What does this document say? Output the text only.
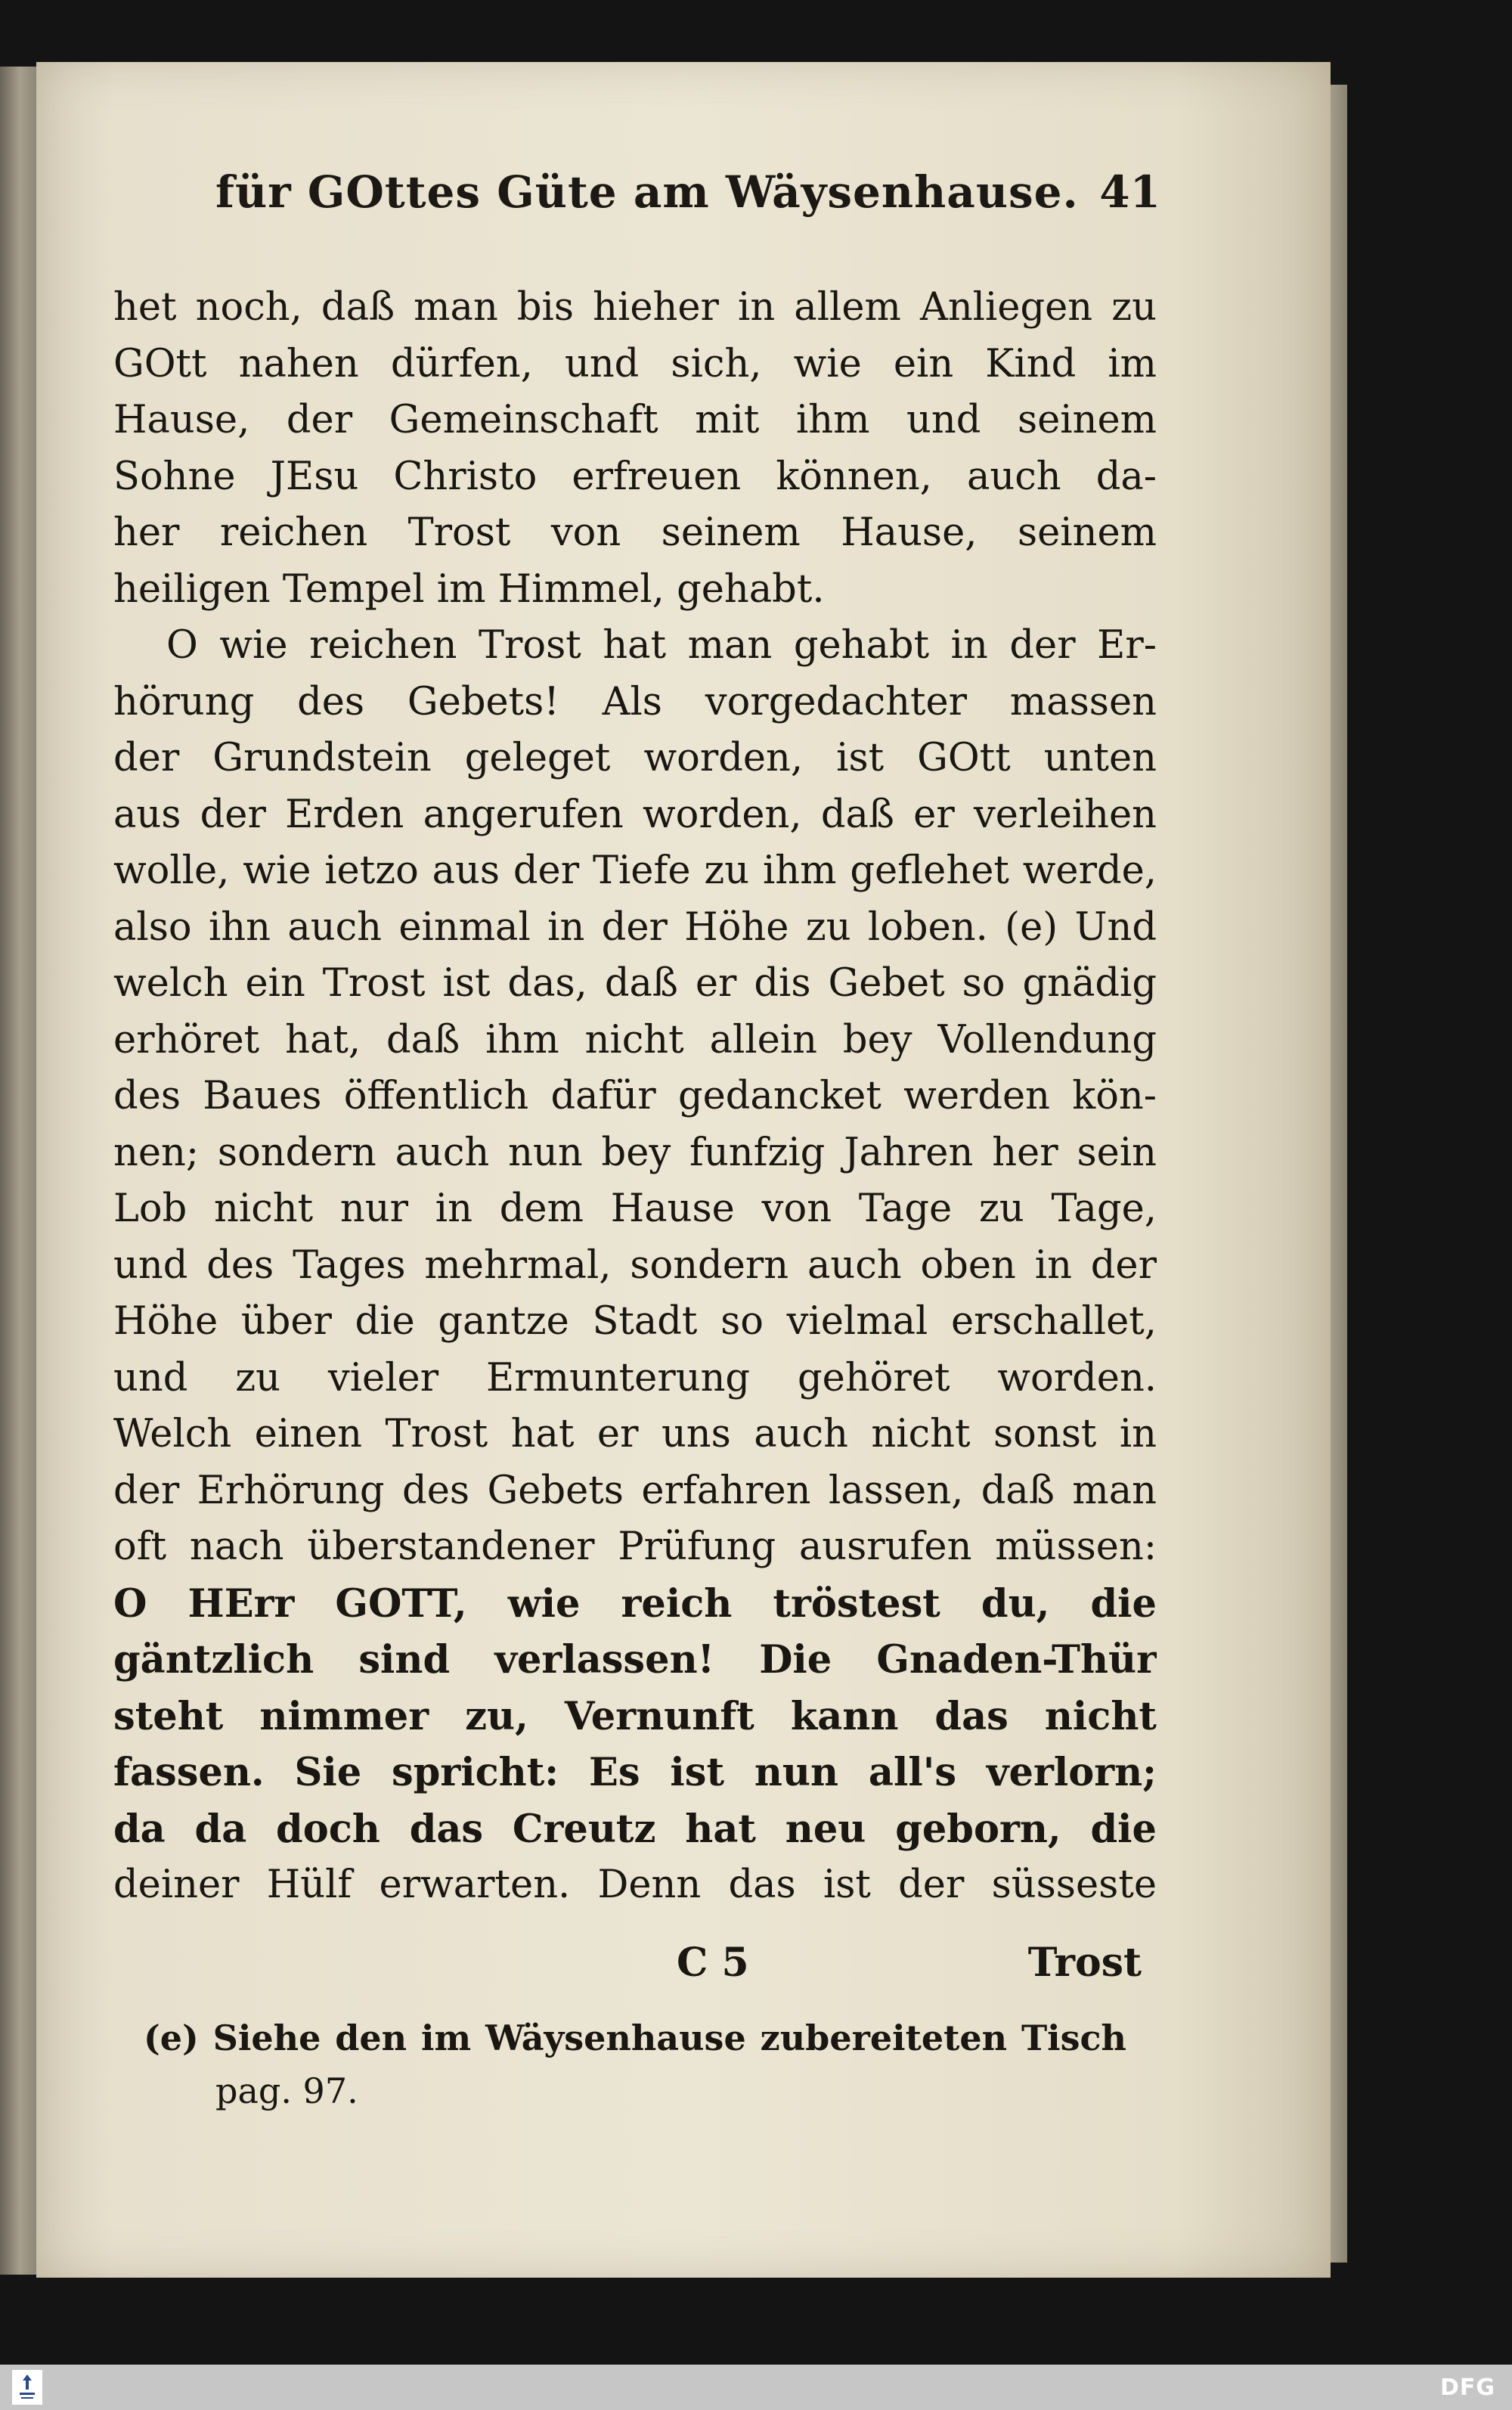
für GOttes Güte am Wäysenhause. 41
het noch, daß man bis hieher in allem Anliegen zu
GOtt nahen dürfen, und sich, wie ein Kind im
Hause, der Gemeinschaft mit ihm und seinem
Sohne JEsu Christo erfreuen können, auch da-
her reichen Trost von seinem Hause, seinem
heiligen Tempel im Himmel, gehabt.
O wie reichen Trost hat man gehabt in der Er-
hörung des Gebets! Als vorgedachter massen
der Grundstein geleget worden, ist GOtt unten
aus der Erden angerufen worden, daß er verleihen
wolle, wie ietzo aus der Tiefe zu ihm geflehet werde,
also ihn auch einmal in der Höhe zu loben. (e) Und
welch ein Trost ist das, daß er dis Gebet so gnädig
erhöret hat, daß ihm nicht allein bey Vollendung
des Baues öffentlich dafür gedancket werden kön-
nen; sondern auch nun bey funfzig Jahren her sein
Lob nicht nur in dem Hause von Tage zu Tage,
und des Tages mehrmal, sondern auch oben in der
Höhe über die gantze Stadt so vielmal erschallet,
und zu vieler Ermunterung gehöret worden.
Welch einen Trost hat er uns auch nicht sonst in
der Erhörung des Gebets erfahren lassen, daß man
oft nach überstandener Prüfung ausrufen müssen:
O HErr GOTT, wie reich tröstest du, die
gäntzlich sind verlassen! Die Gnaden-Thür
steht nimmer zu, Vernunft kann das nicht
fassen. Sie spricht: Es ist nun all's verlorn;
da da doch das Creutz hat neu geborn, die
deiner Hülf erwarten. Denn das ist der süsseste
C 5	Trost
(e) Siehe den im Wäysenhause zubereiteten Tisch
pag. 97.
DFG
